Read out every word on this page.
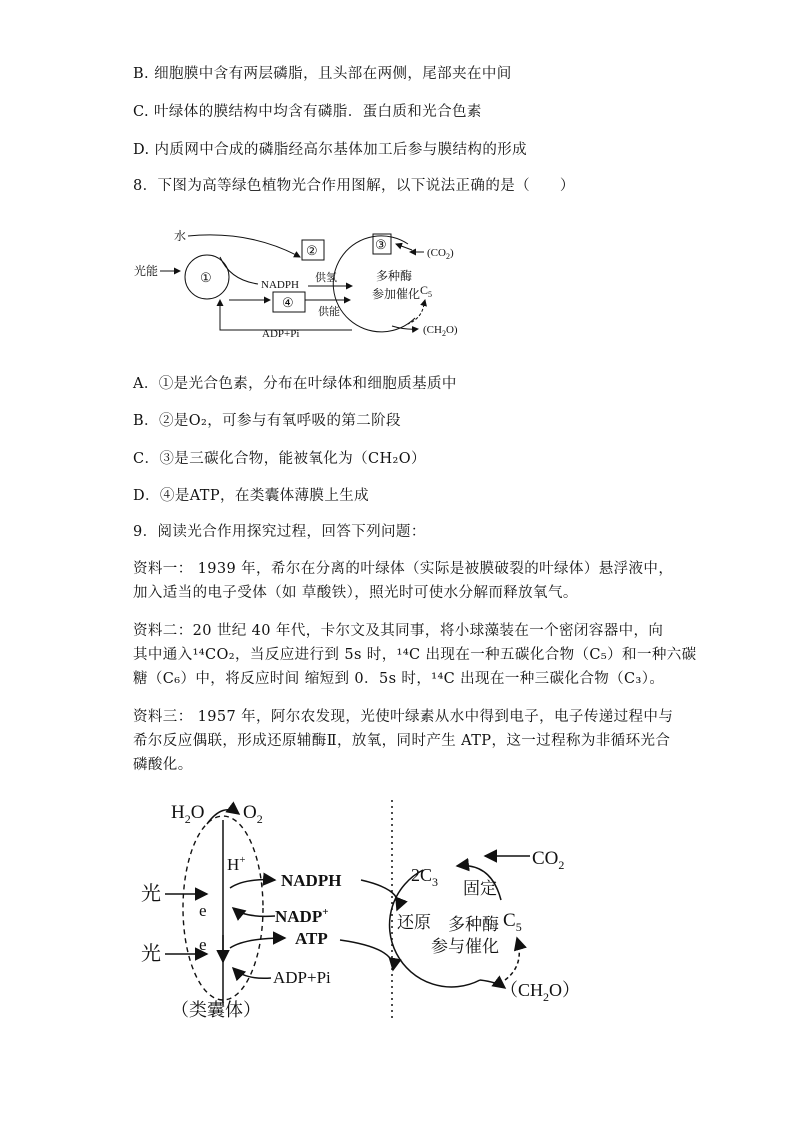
B. 细胞膜中含有两层磷脂，且头部在两侧，尾部夹在中间
C. 叶绿体的膜结构中均含有磷脂．蛋白质和光合色素
D. 内质网中合成的磷脂经高尔基体加工后参与膜结构的形成
8．下图为高等绿色植物光合作用图解，以下说法正确的是（　　）
水
光能	①
②
NADPH
供氢
④
供能
ADP+Pi
③
$(CO_2)$
多种酶
参加催化 $C_5$
$(CH_2O)$
A．①是光合色素，分布在叶绿体和细胞质基质中
B．②是O₂，可参与有氧呼吸的第二阶段
C．③是三碳化合物，能被氧化为（CH₂O）
D．④是ATP，在类囊体薄膜上生成
9．阅读光合作用探究过程，回答下列问题：
资料一： 1939 年，希尔在分离的叶绿体（实际是被膜破裂的叶绿体）悬浮液中，
加入适当的电子受体（如 草酸铁），照光时可使水分解而释放氧气。
资料二：20 世纪 40 年代，卡尔文及其同事，将小球藻装在一个密闭容器中，向
其中通入¹⁴CO₂，当反应进行到 5s 时，¹⁴C 出现在一种五碳化合物（C₅）和一种六碳
糖（C₆）中，将反应时间 缩短到 0．5s 时，¹⁴C 出现在一种三碳化合物（C₃）。
资料三： 1957 年，阿尔农发现，光使叶绿素从水中得到电子，电子传递过程中与
希尔反应偶联，形成还原辅酶Ⅱ，放氧，同时产生 ATP，这一过程称为非循环光合
磷酸化。
$H_2O$ $O_2$
H+
光
e
光 e
NADPH
NADP+
ATP
ADP+Pi
（类囊体）
$CO_2$
$2C_3$ 固定
还原 多种酶
参与催化
$C_5$
$(CH_2O)$
